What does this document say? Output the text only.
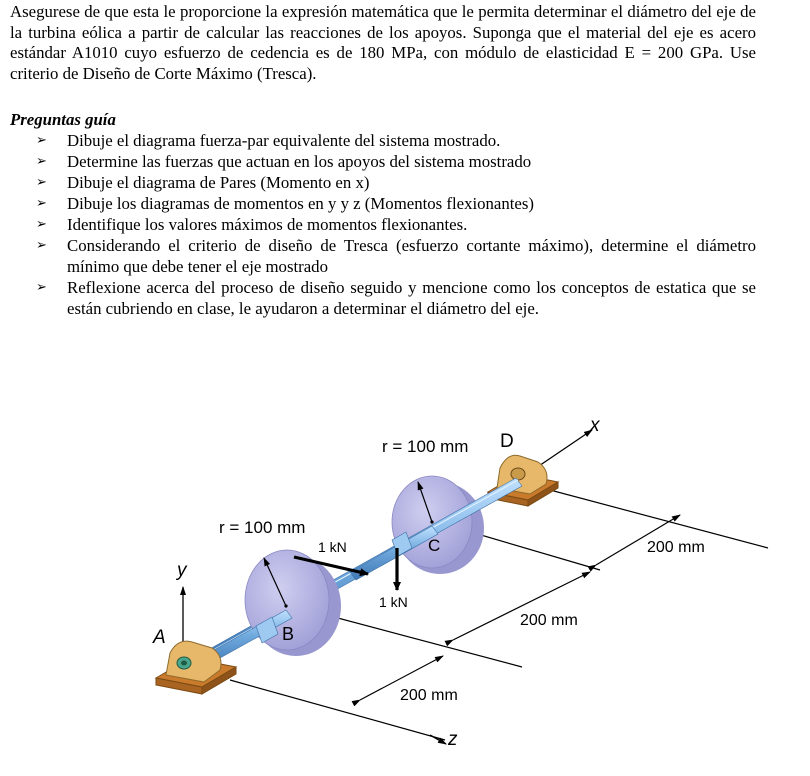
Asegurese de que esta le proporcione la expresión matemática que le permita determinar el diámetro del eje de la turbina eólica a partir de calcular las reacciones de los apoyos. Suponga que el material del eje es acero estándar A1010 cuyo esfuerzo de cedencia es de 180 MPa, con módulo de elasticidad E = 200 GPa. Use criterio de Diseño de Corte Máximo (Tresca).
Preguntas guía
➢ Dibuje el diagrama fuerza-par equivalente del sistema mostrado.
➢ Determine las fuerzas que actuan en los apoyos del sistema mostrado
➢ Dibuje el diagrama de Pares (Momento en x)
➢ Dibuje los diagramas de momentos en y y z (Momentos flexionantes)
➢ Identifique los valores máximos de momentos flexionantes.
➢ Considerando el criterio de diseño de Tresca (esfuerzo cortante máximo), determine el diámetro mínimo que debe tener el eje mostrado
➢ Reflexione acerca del proceso de diseño seguido y mencione como los conceptos de estatica que se están cubriendo en clase, le ayudaron a determinar el diámetro del eje.
r = 100 mm D
x
r = 100 mm
1 kN	C	200 mm
y
1 kN
200 mm
B
A
200 mm
z
